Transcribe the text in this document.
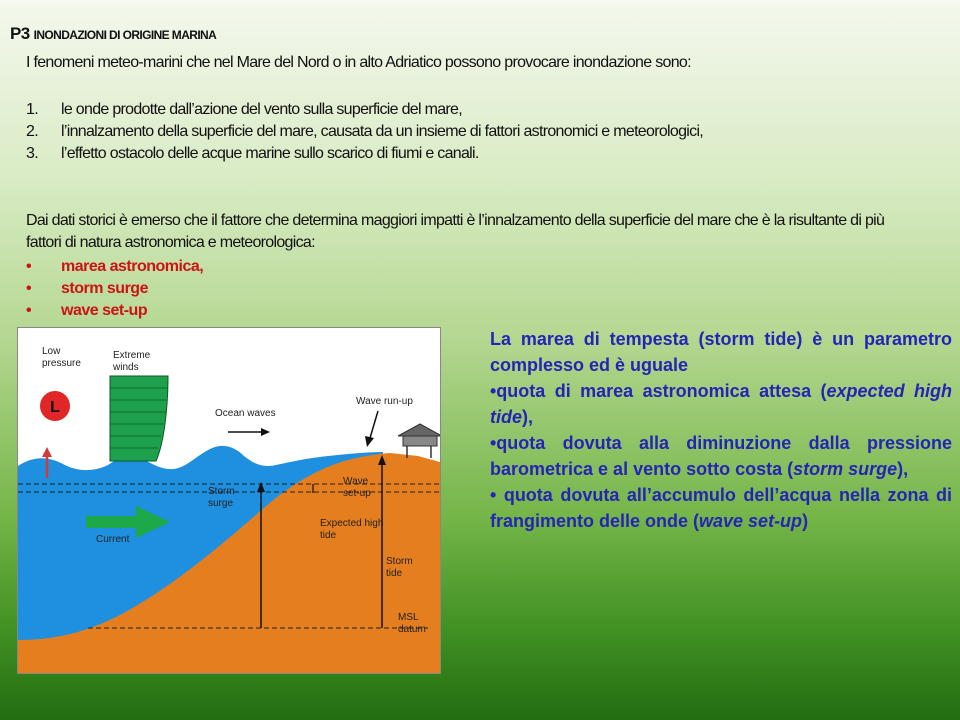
P3 INONDAZIONI DI ORIGINE MARINA

I fenomeni meteo-marini che nel Mare del Nord o in alto Adriatico possono provocare inondazione sono:

1. le onde prodotte dall’azione del vento sulla superficie del mare,
2. l’innalzamento della superficie del mare, causata da un insieme di fattori astronomici e meteorologici,
3. l’effetto ostacolo delle acque marine sullo scarico di fiumi e canali.

Dai dati storici è emerso che il fattore che determina maggiori impatti è l’innalzamento della superficie del mare che è la risultante di più fattori di natura astronomica e meteorologica:

• marea astronomica,
• storm surge
• wave set-up
L
Low pressure
Extreme winds
Ocean waves
Wave run-up
Current
Storm surge
Wave set-up
Expected high tide
Storm tide
MSL datum

La marea di tempesta (storm tide) è un parametro complesso ed è uguale
•quota di marea astronomica attesa (expected high tide),
•quota dovuta alla diminuzione dalla pressione barometrica e al vento sotto costa (storm surge),
• quota dovuta all’accumulo dell’acqua nella zona di frangimento delle onde (wave set-up)
